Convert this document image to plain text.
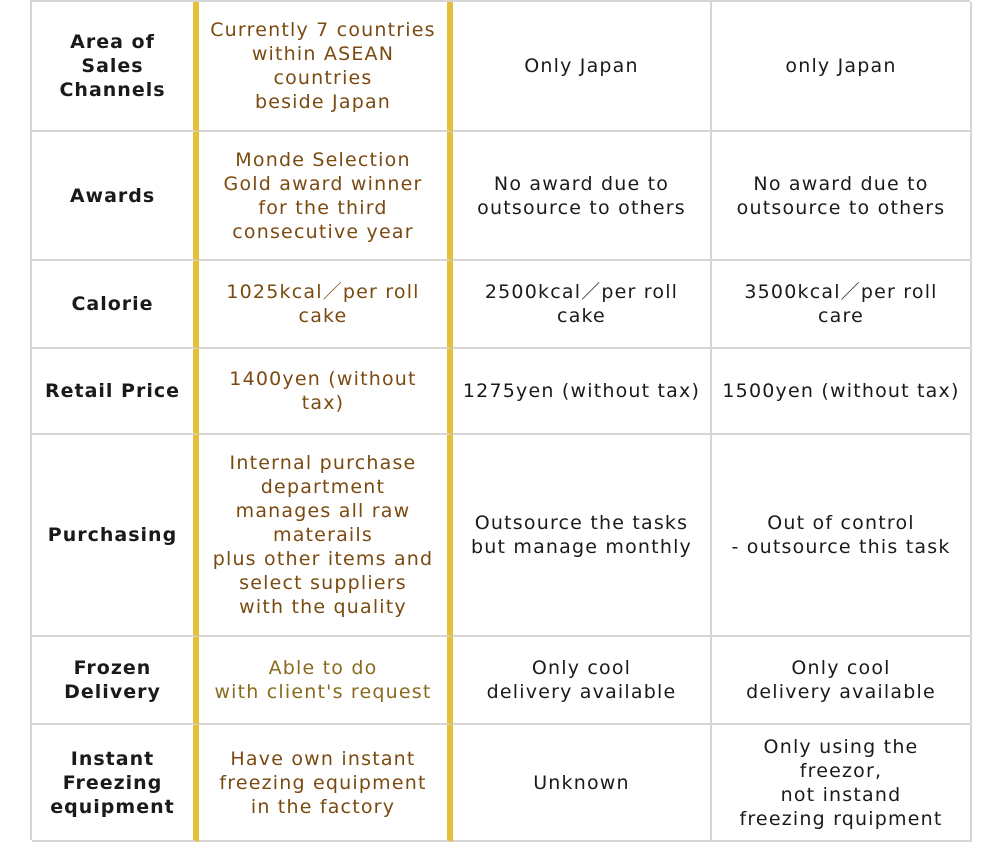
Area of
Sales
Channels
Currently 7 countries
within ASEAN countries
beside Japan
Only Japan	only Japan
Awards
Monde Selection
Gold award winner
for the third
consecutive year
No award due to
outsource to others
No award due to
outsource to others
Calorie
1025kcal／per roll cake
2500kcal／per roll cake
3500kcal／per roll care
Retail Price
1400yen (without tax)
1275yen (without tax)	1500yen (without tax)
Purchasing
Internal purchase
department
manages all raw
materails
plus other items and
select suppliers
with the quality
Outsource the tasks
but manage monthly
Out of control
- outsource this task
Frozen
Delivery
Able to do
with client's request
Only cool
delivery available
Only cool
delivery available
Instant
Freezing
equipment
Have own instant
freezing equipment
in the factory
Unknown
Only using the freezor,
not instand
freezing rquipment
